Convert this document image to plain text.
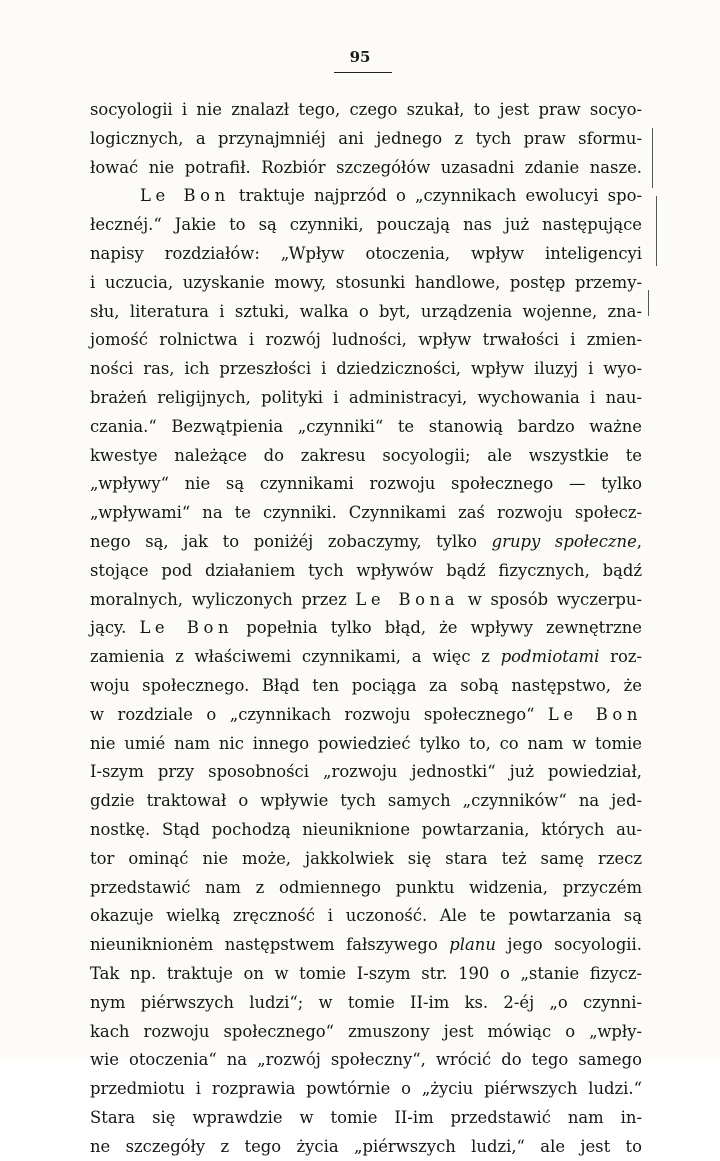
95
socyologii i nie znalazł tego, czego szukał, to jest praw socyo-
logicznych, a przynajmniéj ani jednego z tych praw sformu-
łować nie potrafił. Rozbiór szczegółów uzasadni zdanie nasze.
Le Bon traktuje najprzód o „czynnikach ewolucyi spo-
łecznéj.“ Jakie to są czynniki, pouczają nas już następujące
napisy rozdziałów: „Wpływ otoczenia, wpływ inteligencyi
i uczucia, uzyskanie mowy, stosunki handlowe, postęp przemy-
słu, literatura i sztuki, walka o byt, urządzenia wojenne, zna-
jomość rolnictwa i rozwój ludności, wpływ trwałości i zmien-
ności ras, ich przeszłości i dziedziczności, wpływ iluzyj i wyo-
brażeń religijnych, polityki i administracyi, wychowania i nau-
czania.“ Bezwątpienia „czynniki“ te stanowią bardzo ważne
kwestye należące do zakresu socyologii; ale wszystkie te
„wpływy“ nie są czynnikami rozwoju społecznego — tylko
„wpływami“ na te czynniki. Czynnikami zaś rozwoju społecz-
nego są, jak to poniżéj zobaczymy, tylko grupy społeczne,
stojące pod działaniem tych wpływów bądź fizycznych, bądź
moralnych, wyliczonych przez Le Bona w sposób wyczerpu-
jący. Le Bon popełnia tylko błąd, że wpływy zewnętrzne
zamienia z właściwemi czynnikami, a więc z podmiotami roz-
woju społecznego. Błąd ten pociąga za sobą następstwo, że
w rozdziale o „czynnikach rozwoju społecznego“ Le Bon
nie umié nam nic innego powiedzieć tylko to, co nam w tomie
I-szym przy sposobności „rozwoju jednostki“ już powiedział,
gdzie traktował o wpływie tych samych „czynników“ na jed-
nostkę. Stąd pochodzą nieuniknione powtarzania, których au-
tor ominąć nie może, jakkolwiek się stara też samę rzecz
przedstawić nam z odmiennego punktu widzenia, przyczém
okazuje wielką zręczność i uczoność. Ale te powtarzania są
nieuniknionėm następstwem fałszywego planu jego socyologii.
Tak np. traktuje on w tomie I-szym str. 190 o „stanie fizycz-
nym piérwszych ludzi“; w tomie II-im ks. 2-éj „o czynni-
kach rozwoju społecznego“ zmuszony jest mówiąc o „wpły-
wie otoczenia“ na „rozwój społeczny“, wrócić do tego samego
przedmiotu i rozprawia powtórnie o „życiu piérwszych ludzi.“
Stara się wprawdzie w tomie II-im przedstawić nam in-
ne szczegóły z tego życia „piérwszych ludzi,“ ale jest to
